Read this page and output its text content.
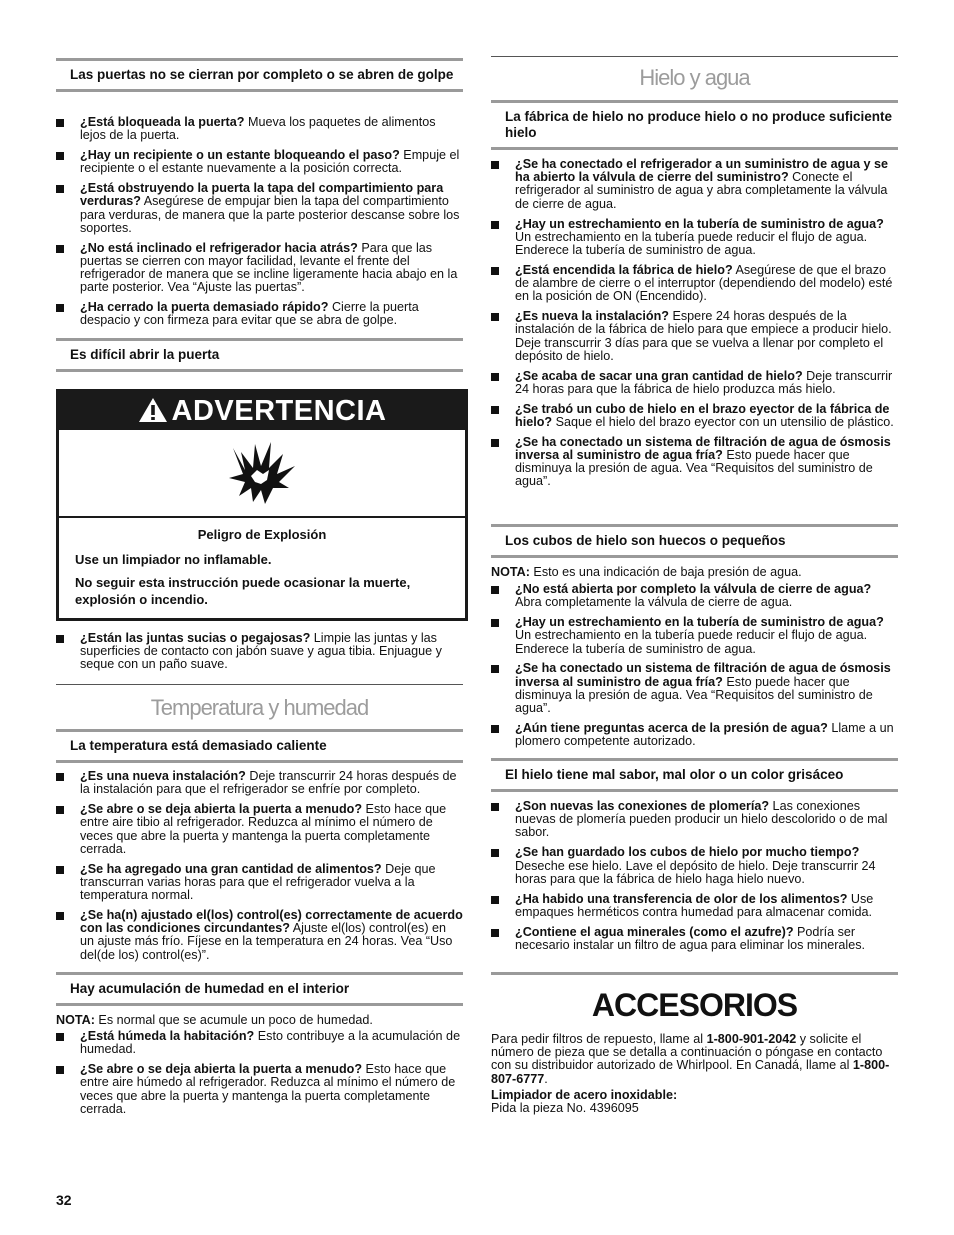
Las puertas no se cierran por completo o se abren de golpe
¿Está bloqueada la puerta? Mueva los paquetes de alimentos lejos de la puerta.
¿Hay un recipiente o un estante bloqueando el paso? Empuje el recipiente o el estante nuevamente a la posición correcta.
¿Está obstruyendo la puerta la tapa del compartimiento para verduras? Asegúrese de empujar bien la tapa del compartimiento para verduras, de manera que la parte posterior descanse sobre los soportes.
¿No está inclinado el refrigerador hacia atrás? Para que las puertas se cierren con mayor facilidad, levante el frente del refrigerador de manera que se incline ligeramente hacia abajo en la parte posterior. Vea “Ajuste las puertas”.
¿Ha cerrado la puerta demasiado rápido? Cierre la puerta despacio y con firmeza para evitar que se abra de golpe.
Es difícil abrir la puerta
ADVERTENCIA
Peligro de Explosión
Use un limpiador no inflamable.
No seguir esta instrucción puede ocasionar la muerte, explosión o incendio.
¿Están las juntas sucias o pegajosas? Limpie las juntas y las superficies de contacto con jabón suave y agua tibia. Enjuague y seque con un paño suave.
Temperatura y humedad
La temperatura está demasiado caliente
¿Es una nueva instalación? Deje transcurrir 24 horas después de la instalación para que el refrigerador se enfríe por completo.
¿Se abre o se deja abierta la puerta a menudo? Esto hace que entre aire tibio al refrigerador. Reduzca al mínimo el número de veces que abre la puerta y mantenga la puerta completamente cerrada.
¿Se ha agregado una gran cantidad de alimentos? Deje que transcurran varias horas para que el refrigerador vuelva a la temperatura normal.
¿Se ha(n) ajustado el(los) control(es) correctamente de acuerdo con las condiciones circundantes? Ajuste el(los) control(es) en un ajuste más frío. Fíjese en la temperatura en 24 horas. Vea “Uso del(de los) control(es)”.
Hay acumulación de humedad en el interior
NOTA: Es normal que se acumule un poco de humedad.
¿Está húmeda la habitación? Esto contribuye a la acumulación de humedad.
¿Se abre o se deja abierta la puerta a menudo? Esto hace que entre aire húmedo al refrigerador. Reduzca al mínimo el número de veces que abre la puerta y mantenga la puerta completamente cerrada.
Hielo y agua
La fábrica de hielo no produce hielo o no produce suficiente hielo
¿Se ha conectado el refrigerador a un suministro de agua y se ha abierto la válvula de cierre del suministro? Conecte el refrigerador al suministro de agua y abra completamente la válvula de cierre de agua.
¿Hay un estrechamiento en la tubería de suministro de agua? Un estrechamiento en la tubería puede reducir el flujo de agua. Enderece la tubería de suministro de agua.
¿Está encendida la fábrica de hielo? Asegúrese de que el brazo de alambre de cierre o el interruptor (dependiendo del modelo) esté en la posición de ON (Encendido).
¿Es nueva la instalación? Espere 24 horas después de la instalación de la fábrica de hielo para que empiece a producir hielo. Deje transcurrir 3 días para que se vuelva a llenar por completo el depósito de hielo.
¿Se acaba de sacar una gran cantidad de hielo? Deje transcurrir 24 horas para que la fábrica de hielo produzca más hielo.
¿Se trabó un cubo de hielo en el brazo eyector de la fábrica de hielo? Saque el hielo del brazo eyector con un utensilio de plástico.
¿Se ha conectado un sistema de filtración de agua de ósmosis inversa al suministro de agua fría? Esto puede hacer que disminuya la presión de agua. Vea “Requisitos del suministro de agua”.
Los cubos de hielo son huecos o pequeños
NOTA: Esto es una indicación de baja presión de agua.
¿No está abierta por completo la válvula de cierre de agua? Abra completamente la válvula de cierre de agua.
¿Hay un estrechamiento en la tubería de suministro de agua? Un estrechamiento en la tubería puede reducir el flujo de agua. Enderece la tubería de suministro de agua.
¿Se ha conectado un sistema de filtración de agua de ósmosis inversa al suministro de agua fría? Esto puede hacer que disminuya la presión de agua. Vea “Requisitos del suministro de agua”.
¿Aún tiene preguntas acerca de la presión de agua? Llame a un plomero competente autorizado.
El hielo tiene mal sabor, mal olor o un color grisáceo
¿Son nuevas las conexiones de plomería? Las conexiones nuevas de plomería pueden producir un hielo descolorido o de mal sabor.
¿Se han guardado los cubos de hielo por mucho tiempo? Deseche ese hielo. Lave el depósito de hielo. Deje transcurrir 24 horas para que la fábrica de hielo haga hielo nuevo.
¿Ha habido una transferencia de olor de los alimentos? Use empaques herméticos contra humedad para almacenar comida.
¿Contiene el agua minerales (como el azufre)? Podría ser necesario instalar un filtro de agua para eliminar los minerales.
ACCESORIOS
Para pedir filtros de repuesto, llame al 1-800-901-2042 y solicite el número de pieza que se detalla a continuación o póngase en contacto con su distribuidor autorizado de Whirlpool. En Canadá, llame al 1-800-807-6777.
Limpiador de acero inoxidable:
Pida la pieza No. 4396095
32
